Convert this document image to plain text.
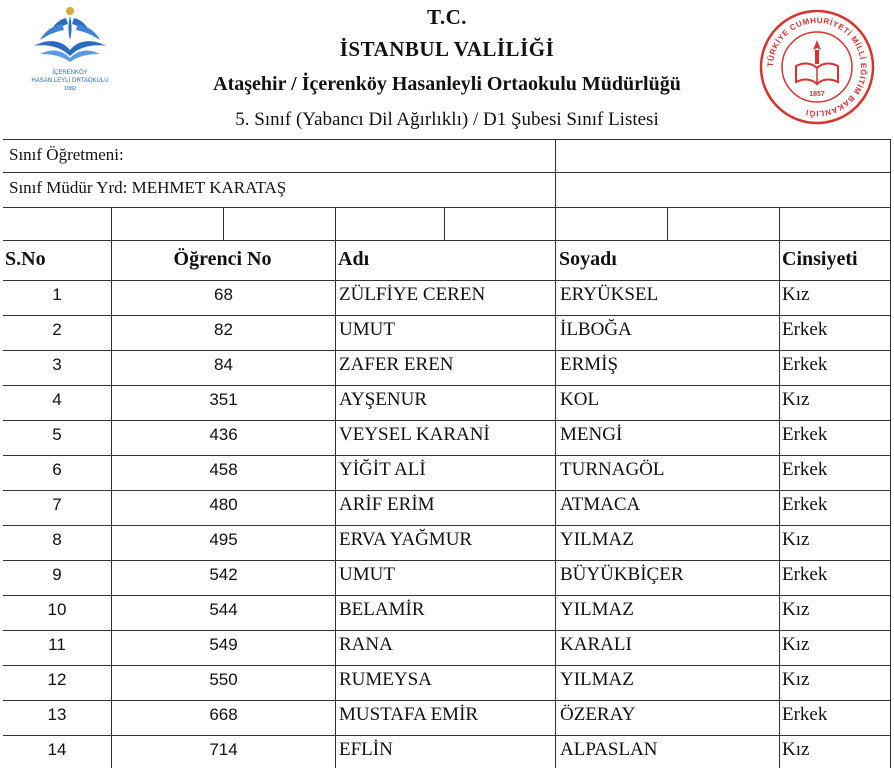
İÇERENKÖY
HASAN LEYLİ ORTAOKULU
1982
T.C.
İSTANBUL VALİLİĞİ
Ataşehir / İçerenköy Hasanleyli Ortaokulu Müdürlüğü
5. Sınıf (Yabancı Dil Ağırlıklı) / D1 Şubesi Sınıf Listesi
TÜRKİYE CUMHURİYETİ MİLLİ EĞİTİM BAKANLIĞI
1857
Sınıf Öğretmeni:
Sınıf Müdür Yrd: MEHMET KARATAŞ
S.No	Öğrenci No	Adı	Soyadı	Cinsiyeti
1	68	ZÜLFİYE CEREN	ERYÜKSEL	Kız
2	82	UMUT	İLBOĞA	Erkek
3	84	ZAFER EREN	ERMİŞ	Erkek
4	351	AYŞENUR	KOL	Kız
5	436	VEYSEL KARANİ	MENGİ	Erkek
6	458	YİĞİT ALİ	TURNAGÖL	Erkek
7	480	ARİF ERİM	ATMACA	Erkek
8	495	ERVA YAĞMUR	YILMAZ	Kız
9	542	UMUT	BÜYÜKBİÇER	Erkek
10	544	BELAMİR	YILMAZ	Kız
11	549	RANA	KARALI	Kız
12	550	RUMEYSA	YILMAZ	Kız
13	668	MUSTAFA EMİR	ÖZERAY	Erkek
14	714	EFLİN	ALPASLAN	Kız
